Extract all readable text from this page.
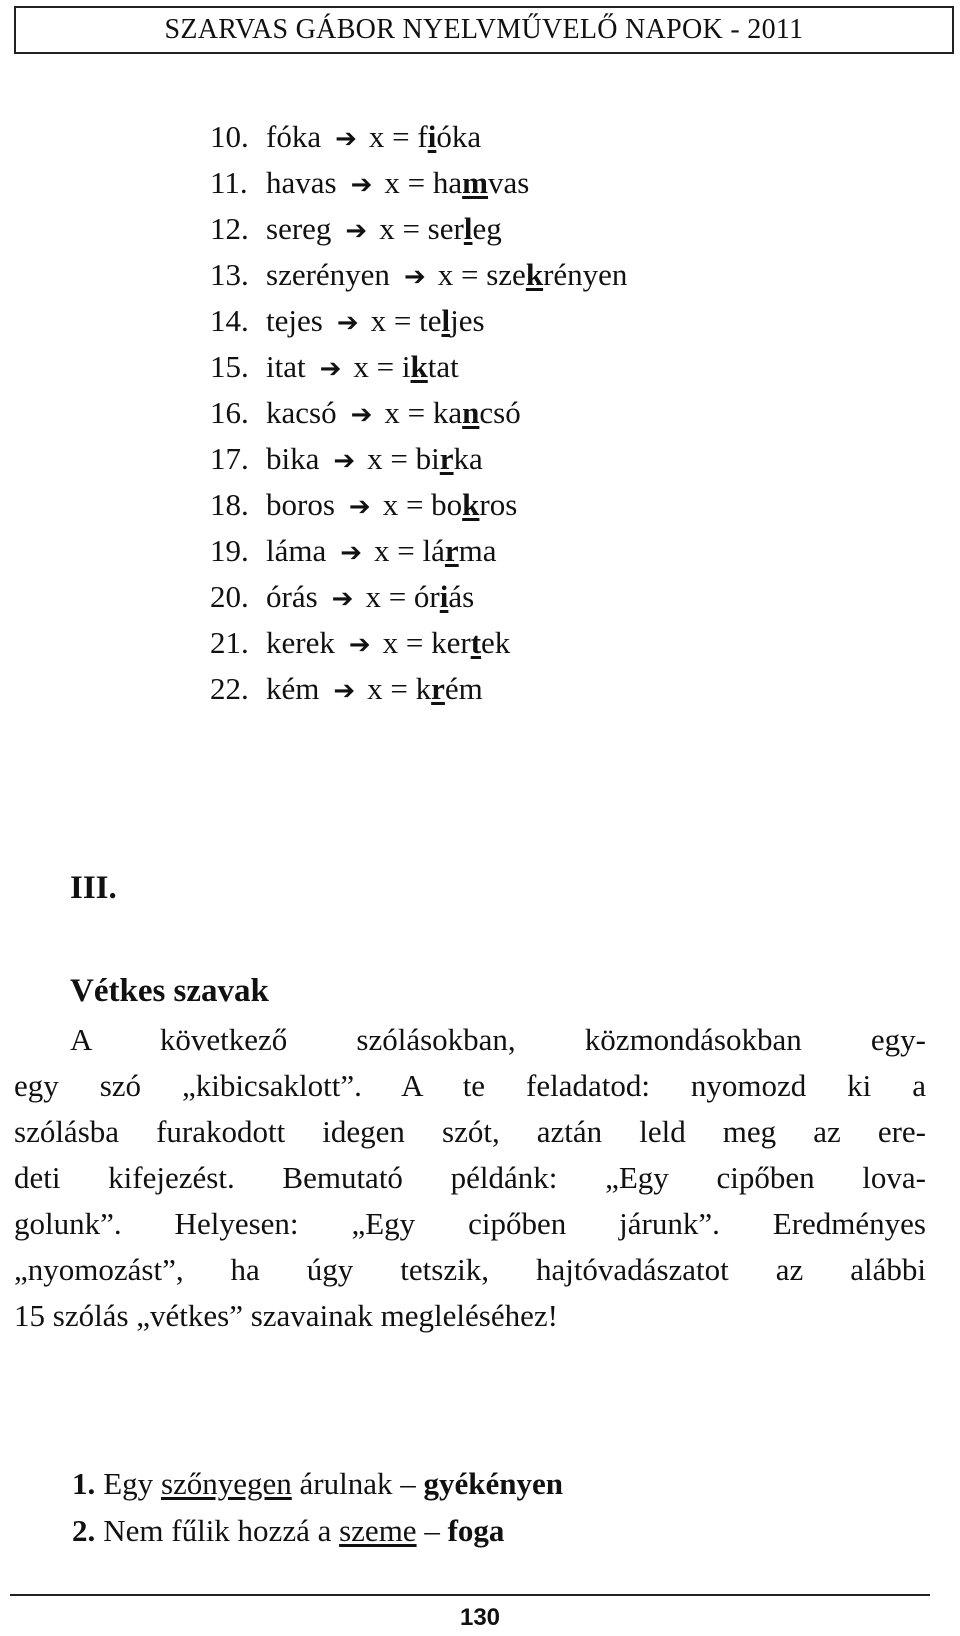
SZARVAS GÁBOR NYELVMŰVELŐ NAPOK - 2011
10. fóka ➔ x = fióka
11. havas ➔ x = hamvas
12. sereg ➔ x = serleg
13. szerényen ➔ x = szekrényen
14. tejes ➔ x = teljes
15. itat ➔ x = iktat
16. kacsó ➔ x = kancsó
17. bika ➔ x = birka
18. boros ➔ x = bokros
19. láma ➔ x = lárma
20. órás ➔ x = óriás
21. kerek ➔ x = kertek
22. kém ➔ x = krém
III.
Vétkes szavak

A következő szólásokban, közmondásokban egy-
egy szó „kibicsaklott”. A te feladatod: nyomozd ki a
szólásba furakodott idegen szót, aztán leld meg az ere-
deti kifejezést. Bemutató példánk: „Egy cipőben lova-
golunk”. Helyesen: „Egy cipőben járunk”. Eredményes
„nyomozást”, ha úgy tetszik, hajtóvadászatot az alábbi
15 szólás „vétkes” szavainak megleléséhez!

1. Egy szőnyegen árulnak – gyékényen
2. Nem fűlik hozzá a szeme – foga
130
